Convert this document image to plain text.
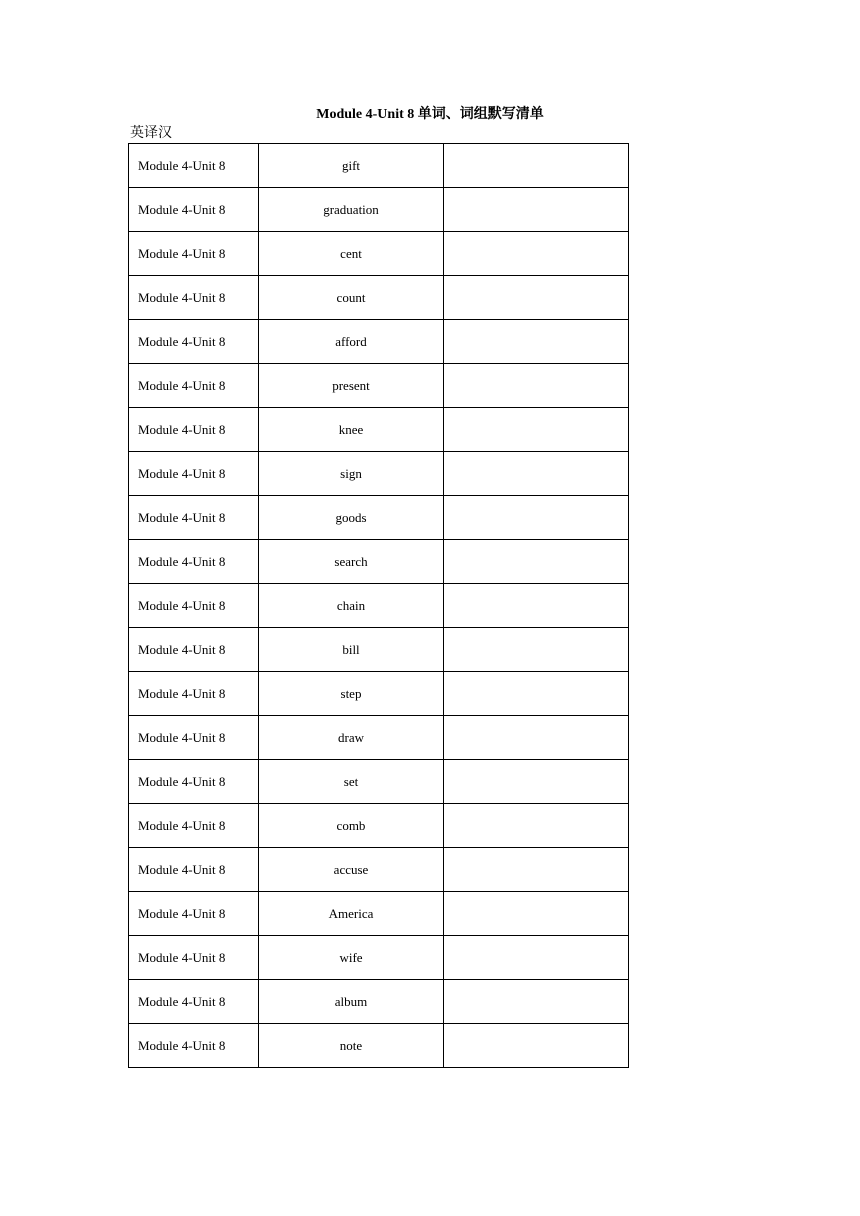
Module 4-Unit 8 单词、词组默写清单
英译汉
Module 4-Unit 8	gift	
Module 4-Unit 8	graduation	
Module 4-Unit 8	cent	
Module 4-Unit 8	count	
Module 4-Unit 8	afford	
Module 4-Unit 8	present	
Module 4-Unit 8	knee	
Module 4-Unit 8	sign	
Module 4-Unit 8	goods	
Module 4-Unit 8	search	
Module 4-Unit 8	chain	
Module 4-Unit 8	bill	
Module 4-Unit 8	step	
Module 4-Unit 8	draw	
Module 4-Unit 8	set	
Module 4-Unit 8	comb	
Module 4-Unit 8	accuse	
Module 4-Unit 8	America	
Module 4-Unit 8	wife	
Module 4-Unit 8	album	
Module 4-Unit 8	note	
